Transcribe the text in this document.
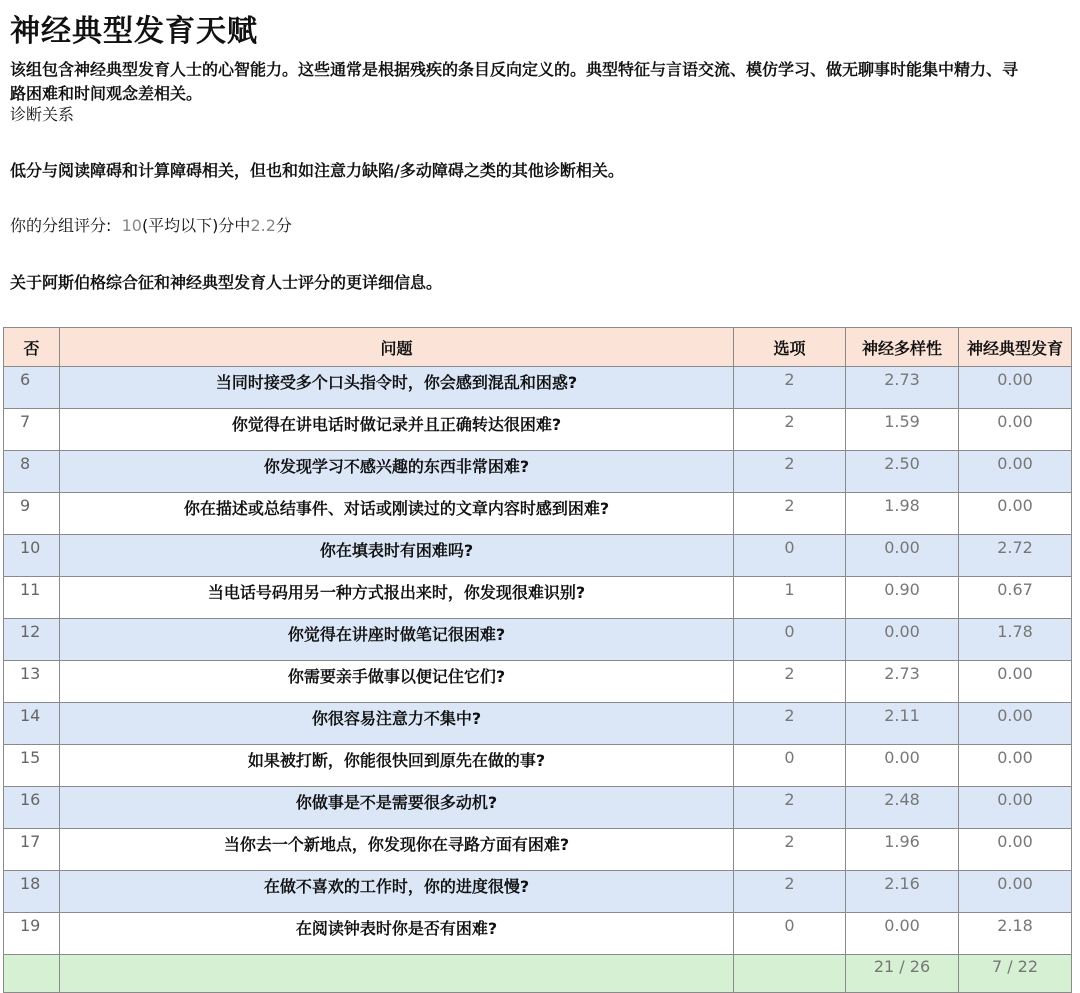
神经典型发育天赋

该组包含神经典型发育人士的心智能力。这些通常是根据残疾的条目反向定义的。典型特征与言语交流、模仿学习、做无聊事时能集中精力、寻路困难和时间观念差相关。

诊断关系

低分与阅读障碍和计算障碍相关，但也和如注意力缺陷/多动障碍之类的其他诊断相关。

你的分组评分: 10(平均以下)分中2.2分

关于阿斯伯格综合征和神经典型发育人士评分的更详细信息。

否	问题	选项	神经多样性	神经典型发育
6	当同时接受多个口头指令时，你会感到混乱和困惑?	2	2.73	0.00
7	你觉得在讲电话时做记录并且正确转达很困难?	2	1.59	0.00
8	你发现学习不感兴趣的东西非常困难?	2	2.50	0.00
9	你在描述或总结事件、对话或刚读过的文章内容时感到困难?	2	1.98	0.00
10	你在填表时有困难吗?	0	0.00	2.72
11	当电话号码用另一种方式报出来时，你发现很难识别?	1	0.90	0.67
12	你觉得在讲座时做笔记很困难?	0	0.00	1.78
13	你需要亲手做事以便记住它们?	2	2.73	0.00
14	你很容易注意力不集中?	2	2.11	0.00
15	如果被打断，你能很快回到原先在做的事?	0	0.00	0.00
16	你做事是不是需要很多动机?	2	2.48	0.00
17	当你去一个新地点，你发现你在寻路方面有困难?	2	1.96	0.00
18	在做不喜欢的工作时，你的进度很慢?	2	2.16	0.00
19	在阅读钟表时你是否有困难?	0	0.00	2.18
			21 / 26	7 / 22
